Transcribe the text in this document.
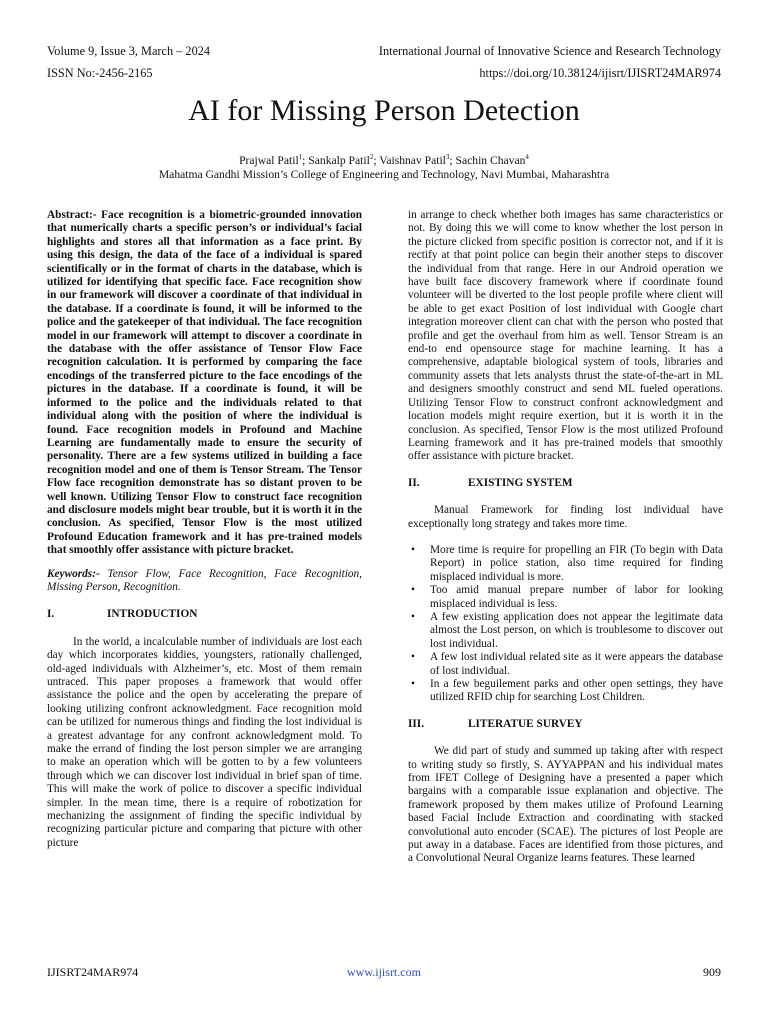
Volume 9, Issue 3, March – 2024	International Journal of Innovative Science and Research Technology
ISSN No:-2456-2165	https://doi.org/10.38124/ijisrt/IJISRT24MAR974
AI for Missing Person Detection
Prajwal Patil$^1$; Sankalp Patil$^2$; Vaishnav Patil$^3$; Sachin Chavan$^4$
Mahatma Gandhi Mission’s College of Engineering and Technology, Navi Mumbai, Maharashtra

Abstract:- Face recognition is a biometric-grounded innovation that numerically charts a specific person’s or individual’s facial highlights and stores all that information as a face print. By using this design, the data of the face of a individual is spared scientifically or in the format of charts in the database, which is utilized for identifying that specific face. Face recognition show in our framework will discover a coordinate of that individual in the database. If a coordinate is found, it will be informed to the police and the gatekeeper of that individual. The face recognition model in our framework will attempt to discover a coordinate in the database with the offer assistance of Tensor Flow Face recognition calculation. It is performed by comparing the face encodings of the transferred picture to the face encodings of the pictures in the database. If a coordinate is found, it will be informed to the police and the individuals related to that individual along with the position of where the individual is found. Face recognition models in Profound and Machine Learning are fundamentally made to ensure the security of personality. There are a few systems utilized in building a face recognition model and one of them is Tensor Stream. The Tensor Flow face recognition demonstrate has so distant proven to be well known. Utilizing Tensor Flow to construct face recognition and disclosure models might bear trouble, but it is worth it in the conclusion. As specified, Tensor Flow is the most utilized Profound Education framework and it has pre-trained models that smoothly offer assistance with picture bracket.

Keywords:- Tensor Flow, Face Recognition, Face Recognition, Missing Person, Recognition.

I.	INTRODUCTION

In the world, a incalculable number of individuals are lost each day which incorporates kiddies, youngsters, rationally challenged, old-aged individuals with Alzheimer’s, etc. Most of them remain untraced. This paper proposes a framework that would offer assistance the police and the open by accelerating the prepare of looking utilizing confront acknowledgment. Face recognition mold can be utilized for numerous things and finding the lost individual is a greatest advantage for any confront acknowledgment mold. To make the errand of finding the lost person simpler we are arranging to make an operation which will be gotten to by a few volunteers through which we can discover lost individual in brief span of time. This will make the work of police to discover a specific individual simpler. In the mean time, there is a require of robotization for mechanizing the assignment of finding the specific individual by recognizing particular picture and comparing that picture with other picture

in arrange to check whether both images has same characteristics or not. By doing this we will come to know whether the lost person in the picture clicked from specific position is corrector not, and if it is rectify at that point police can begin their another steps to discover the individual from that range. Here in our Android operation we have built face discovery framework where if coordinate found volunteer will be diverted to the lost people profile where client will be able to get exact Position of lost individual with Google chart integration moreover client can chat with the person who posted that profile and get the overhaul from him as well. Tensor Stream is an end-to end opensource stage for machine learning. It has a comprehensive, adaptable biological system of tools, libraries and community assets that lets analysts thrust the state-of-the-art in ML and designers smoothly construct and send ML fueled operations. Utilizing Tensor Flow to construct confront acknowledgment and location models might require exertion, but it is worth it in the conclusion. As specified, Tensor Flow is the most utilized Profound Learning framework and it has pre-trained models that smoothly offer assistance with picture bracket.

II.	EXISTING SYSTEM

Manual Framework for finding lost individual have exceptionally long strategy and takes more time.

• More time is require for propelling an FIR (To begin with Data Report) in police station, also time required for finding misplaced individual is more.
• Too amid manual prepare number of labor for looking misplaced individual is less.
• A few existing application does not appear the legitimate data almost the Lost person, on which is troublesome to discover out lost individual.
• A few lost individual related site as it were appears the database of lost individual.
• In a few beguilement parks and other open settings, they have utilized RFID chip for searching Lost Children.

III.	LITERATUE SURVEY

We did part of study and summed up taking after with respect to writing study so firstly, S. AYYAPPAN and his individual mates from IFET College of Designing have a presented a paper which bargains with a comparable issue explanation and objective. The framework proposed by them makes utilize of Profound Learning based Facial Include Extraction and coordinating with stacked convolutional auto encoder (SCAE). The pictures of lost People are put away in a database. Faces are identified from those pictures, and a Convolutional Neural Organize learns features. These learned

IJISRT24MAR974	www.ijisrt.com	909
